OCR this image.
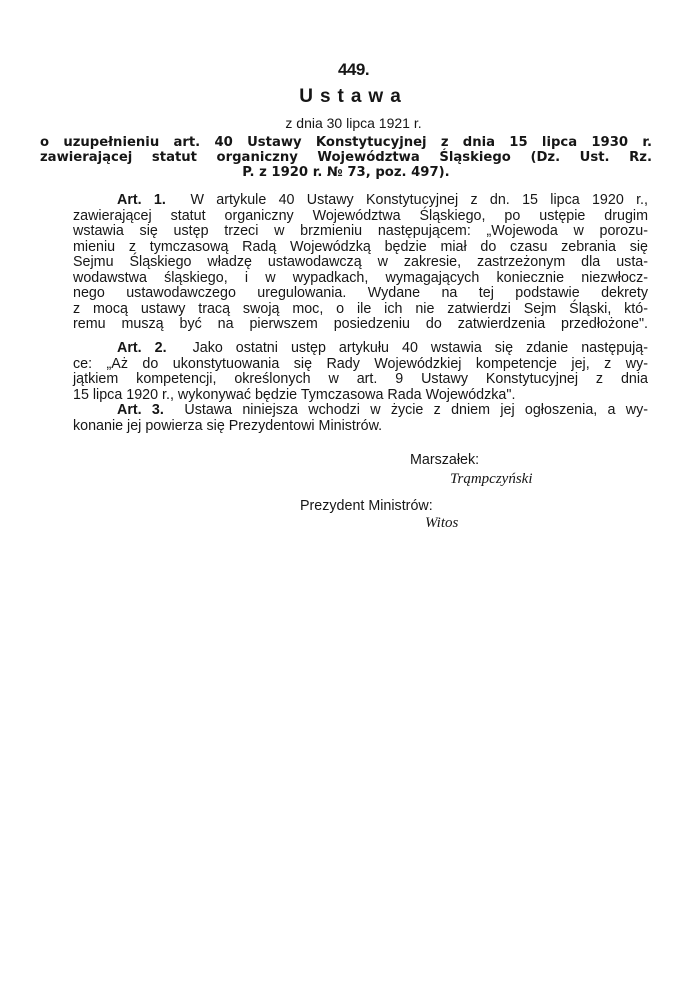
449.
Ustawa
z dnia 30 lipca 1921 r.
o uzupełnieniu art. 40 Ustawy Konstytucyjnej z dnia 15 lipca 1930 r.
zawierającej statut organiczny Województwa Śląskiego (Dz. Ust. Rz.
P. z 1920 r. № 73, poz. 497).
Art. 1. W artykule 40 Ustawy Konstytucyjnej z dn. 15 lipca 1920 r.,
zawierającej statut organiczny Województwa Śląskiego, po ustępie drugim
wstawia się ustęp trzeci w brzmieniu następującem: „Wojewoda w porozu-
mieniu z tymczasową Radą Wojewódzką będzie miał do czasu zebrania się
Sejmu Śląskiego władzę ustawodawczą w zakresie, zastrzeżonym dla usta-
wodawstwa śląskiego, i w wypadkach, wymagających koniecznie niezwłocz-
nego ustawodawczego uregulowania. Wydane na tej podstawie dekrety
z mocą ustawy tracą swoją moc, o ile ich nie zatwierdzi Sejm Śląski, któ-
remu muszą być na pierwszem posiedzeniu do zatwierdzenia przedłożone".
Art. 2. Jako ostatni ustęp artykułu 40 wstawia się zdanie następują-
ce: „Aż do ukonstytuowania się Rady Wojewódzkiej kompetencje jej, z wy-
jątkiem kompetencji, określonych w art. 9 Ustawy Konstytucyjnej z dnia
15 lipca 1920 r., wykonywać będzie Tymczasowa Rada Wojewódzka".
Art. 3. Ustawa niniejsza wchodzi w życie z dniem jej ogłoszenia, a wy-
konanie jej powierza się Prezydentowi Ministrów.
Marszałek:
Trąmpczyński
Prezydent Ministrów:
Witos
